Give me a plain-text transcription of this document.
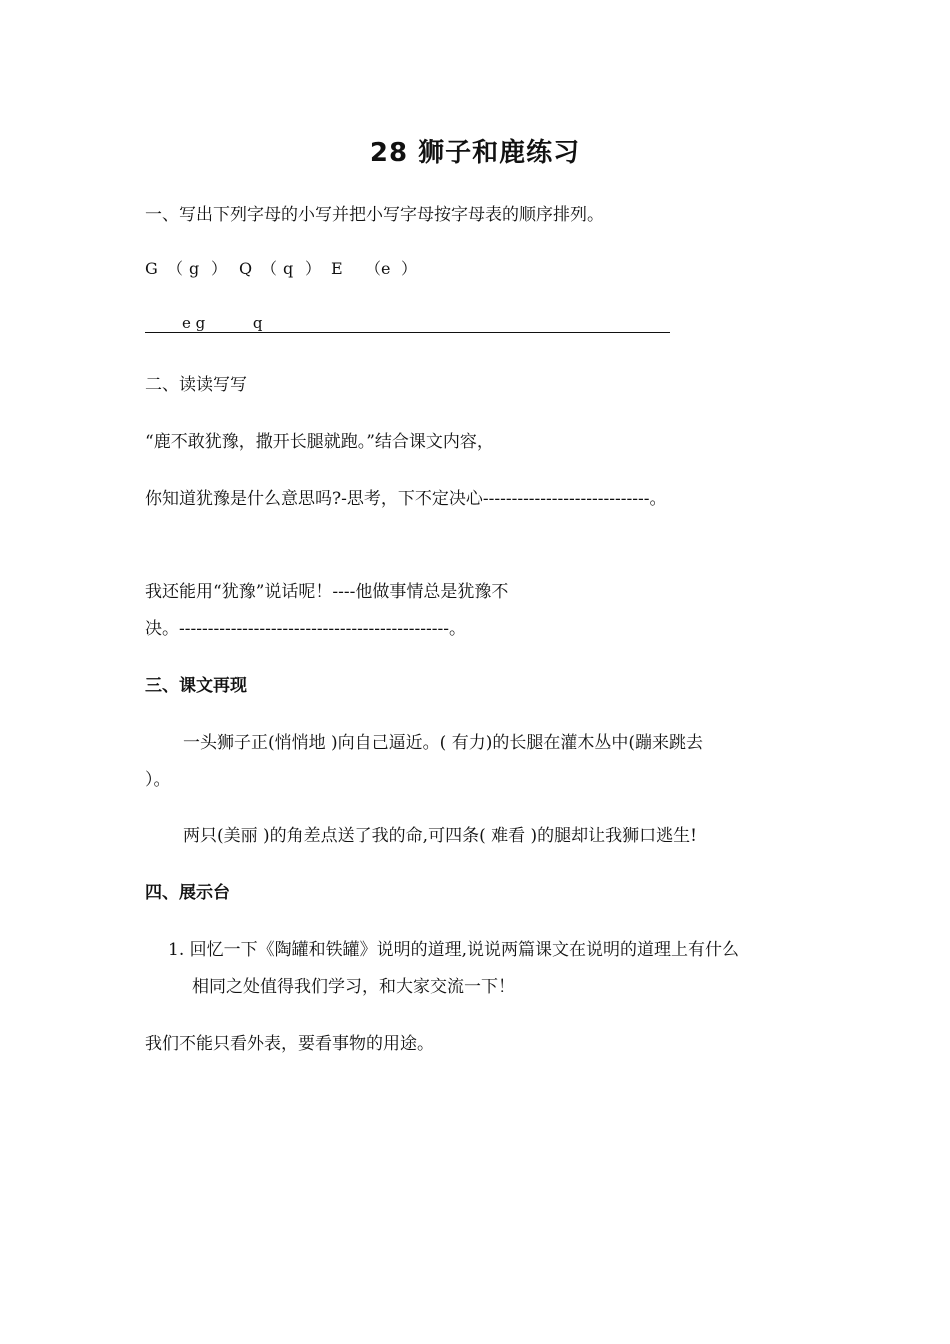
28 狮子和鹿练习
一、写出下列字母的小写并把小写字母按字母表的顺序排列。
G （ g ） Q （ q ） E （e ）
e g          q
二、读读写写
“鹿不敢犹豫，撒开长腿就跑。”结合课文内容，
你知道犹豫是什么意思吗?-思考，下不定决心-----------------------------。
我还能用“犹豫”说话呢！----他做事情总是犹豫不
决。-----------------------------------------------。
三、课文再现
一头狮子正(悄悄地 )向自己逼近。( 有力)的长腿在灌木丛中(蹦来跳去
）。
两只(美丽 )的角差点送了我的命,可四条( 难看 )的腿却让我狮口逃生!
四、展示台
1. 回忆一下《陶罐和铁罐》说明的道理,说说两篇课文在说明的道理上有什么
相同之处值得我们学习，和大家交流一下！
我们不能只看外表，要看事物的用途。
